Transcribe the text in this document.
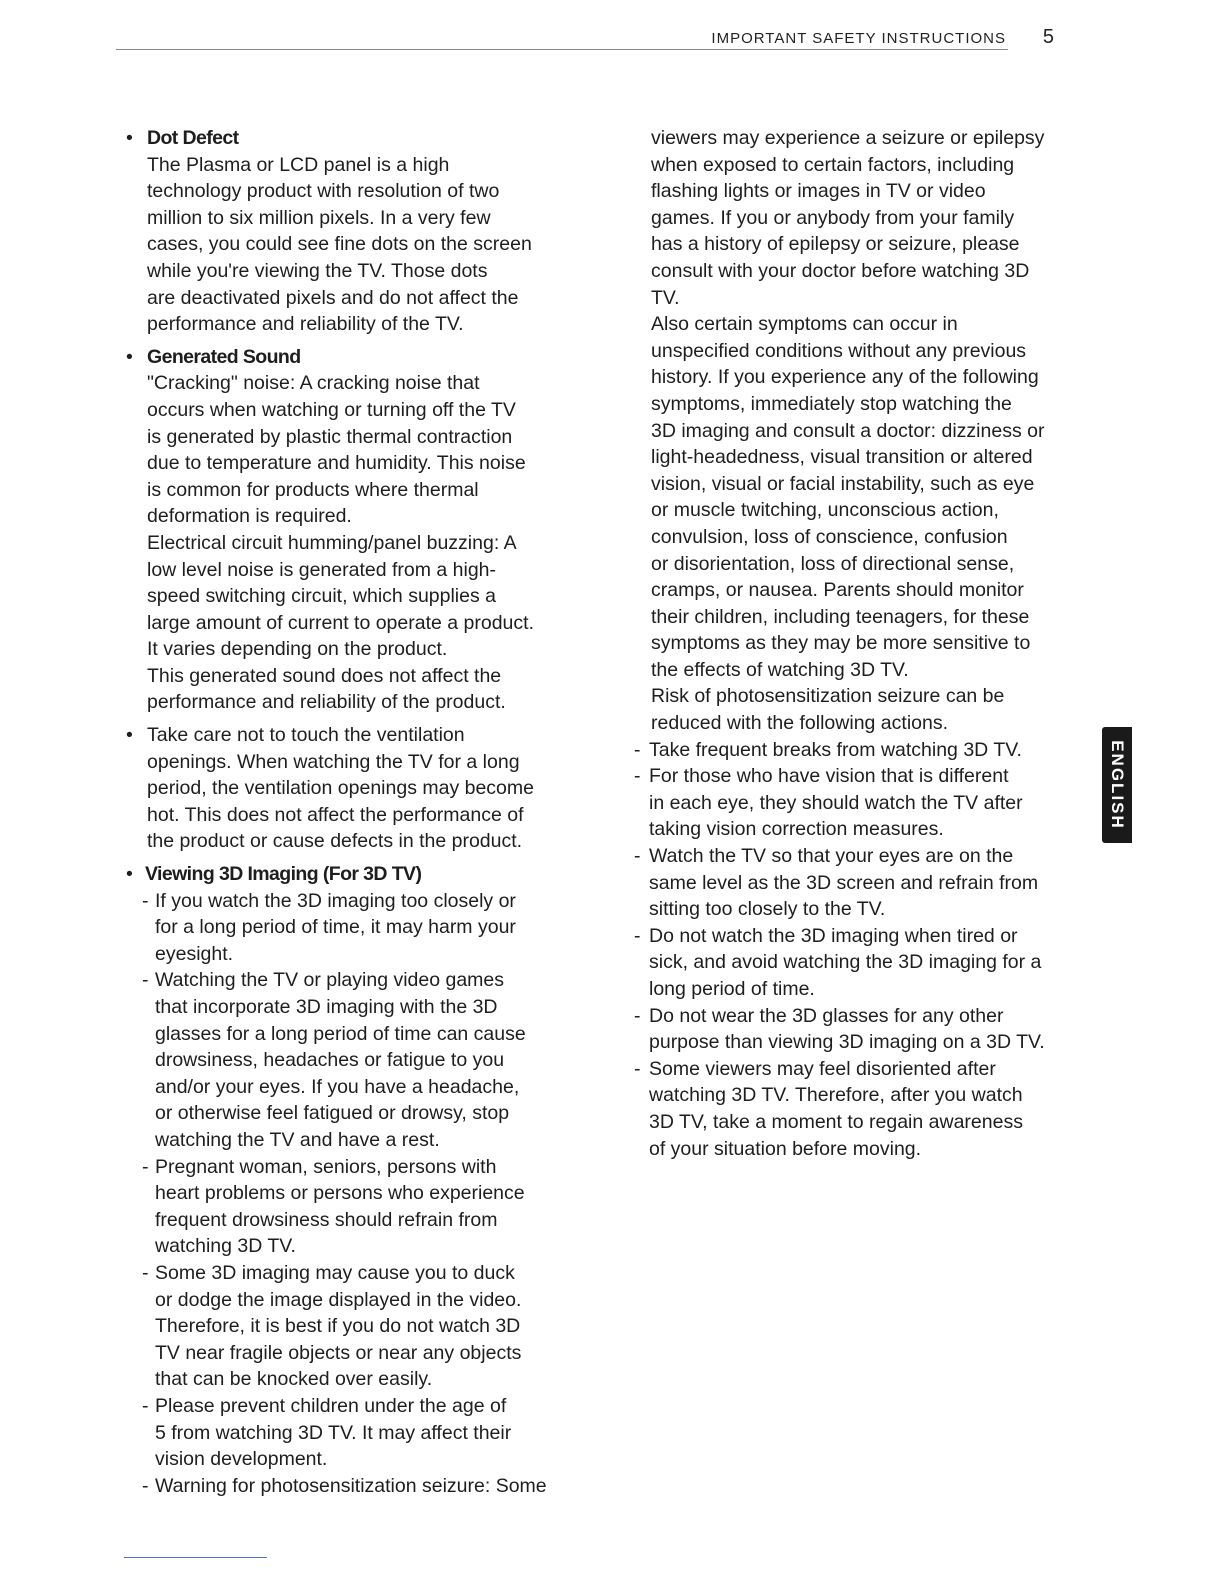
IMPORTANT SAFETY INSTRUCTIONS 5
• Dot Defect
The Plasma or LCD panel is a high
technology product with resolution of two
million to six million pixels. In a very few
cases, you could see fine dots on the screen
while you're viewing the TV. Those dots
are deactivated pixels and do not affect the
performance and reliability of the TV.
• Generated Sound
"Cracking" noise: A cracking noise that
occurs when watching or turning off the TV
is generated by plastic thermal contraction
due to temperature and humidity. This noise
is common for products where thermal
deformation is required.
Electrical circuit humming/panel buzzing: A
low level noise is generated from a high-
speed switching circuit, which supplies a
large amount of current to operate a product.
It varies depending on the product.
This generated sound does not affect the
performance and reliability of the product.
• Take care not to touch the ventilation
openings. When watching the TV for a long
period, the ventilation openings may become
hot. This does not affect the performance of
the product or cause defects in the product.
• Viewing 3D Imaging (For 3D TV)
- If you watch the 3D imaging too closely or
for a long period of time, it may harm your
eyesight.
- Watching the TV or playing video games
that incorporate 3D imaging with the 3D
glasses for a long period of time can cause
drowsiness, headaches or fatigue to you
and/or your eyes. If you have a headache,
or otherwise feel fatigued or drowsy, stop
watching the TV and have a rest.
- Pregnant woman, seniors, persons with
heart problems or persons who experience
frequent drowsiness should refrain from
watching 3D TV.
- Some 3D imaging may cause you to duck
or dodge the image displayed in the video.
Therefore, it is best if you do not watch 3D
TV near fragile objects or near any objects
that can be knocked over easily.
- Please prevent children under the age of
5 from watching 3D TV. It may affect their
vision development.
- Warning for photosensitization seizure: Some
viewers may experience a seizure or epilepsy
when exposed to certain factors, including
flashing lights or images in TV or video
games. If you or anybody from your family
has a history of epilepsy or seizure, please
consult with your doctor before watching 3D
TV.
Also certain symptoms can occur in
unspecified conditions without any previous
history. If you experience any of the following
symptoms, immediately stop watching the
3D imaging and consult a doctor: dizziness or
light-headedness, visual transition or altered
vision, visual or facial instability, such as eye
or muscle twitching, unconscious action,
convulsion, loss of conscience, confusion
or disorientation, loss of directional sense,
cramps, or nausea. Parents should monitor
their children, including teenagers, for these
symptoms as they may be more sensitive to
the effects of watching 3D TV.
Risk of photosensitization seizure can be
reduced with the following actions.
- Take frequent breaks from watching 3D TV.
- For those who have vision that is different
in each eye, they should watch the TV after
taking vision correction measures.
- Watch the TV so that your eyes are on the
same level as the 3D screen and refrain from
sitting too closely to the TV.
- Do not watch the 3D imaging when tired or
sick, and avoid watching the 3D imaging for a
long period of time.
- Do not wear the 3D glasses for any other
purpose than viewing 3D imaging on a 3D TV.
- Some viewers may feel disoriented after
watching 3D TV. Therefore, after you watch
3D TV, take a moment to regain awareness
of your situation before moving.
ENGLISH
